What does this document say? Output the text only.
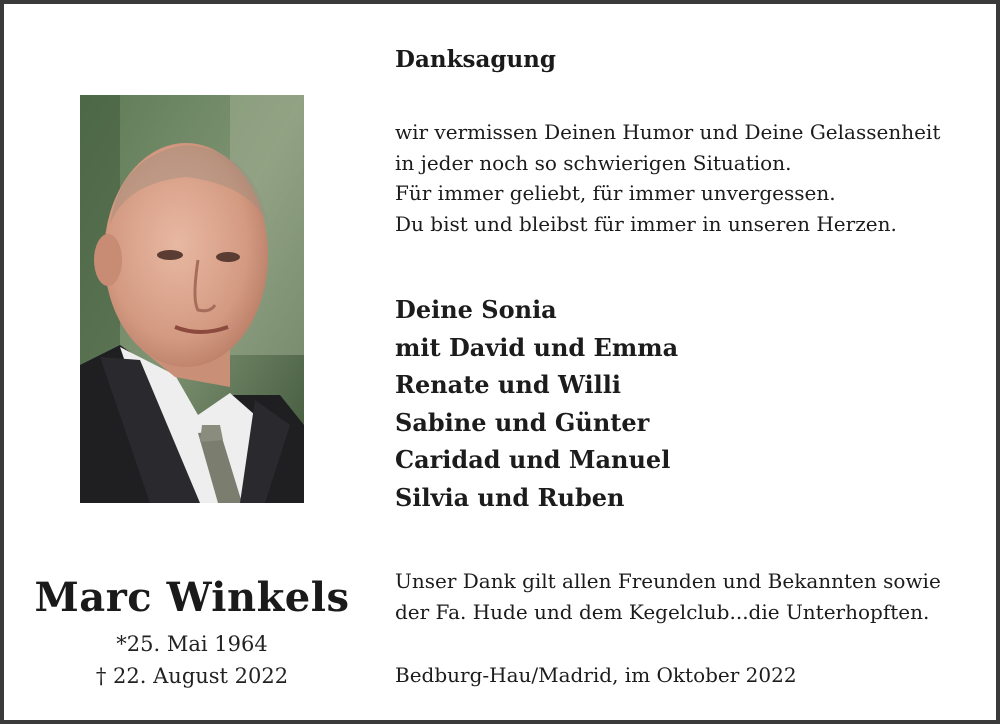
Marc Winkels
*25. Mai 1964
† 22. August 2022
Danksagung
wir vermissen Deinen Humor und Deine Gelassenheit
in jeder noch so schwierigen Situation.
Für immer geliebt, für immer unvergessen.
Du bist und bleibst für immer in unseren Herzen.
Deine Sonia
mit David und Emma
Renate und Willi
Sabine und Günter
Caridad und Manuel
Silvia und Ruben
Unser Dank gilt allen Freunden und Bekannten sowie
der Fa. Hude und dem Kegelclub...die Unterhopften.
Bedburg-Hau/Madrid, im Oktober 2022
